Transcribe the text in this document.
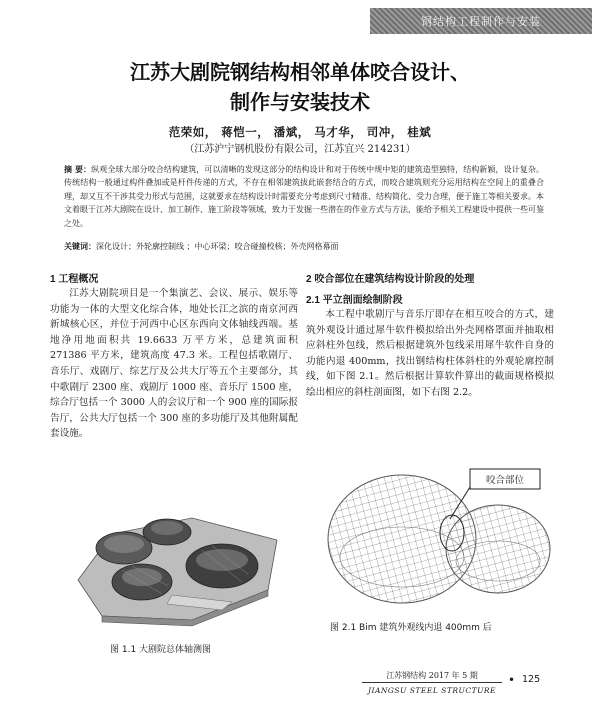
钢结构工程制作与安装
江苏大剧院钢结构相邻单体咬合设计、
制作与安装技术
范荣如， 蒋恺一， 潘斌， 马才华， 司冲， 桂斌
（江苏沪宁钢机股份有限公司，江苏宜兴 214231）
摘 要：纵观全球大部分咬合结构建筑，可以清晰的发现这部分的结构设计和对于传统中规中矩的建筑造型独特，结构新颖，设计复杂。传统结构一般通过构件叠加或是杆件传递的方式，不存在相邻建筑拔此嵌套结合的方式，而咬合建筑则充分运用结构在空间上的重叠合理，却又互不干涉其受力形式与范围，这就要求在结构设计时需要充分考虑到尺寸精准、结构简化、受力合理，便于施工等相关要求。本文着眼于江苏大剧院在设计、加工制作、施工阶段等领域，致力于发掘一些潜在的作业方式与方法，能给予相关工程建设中提供一些可鉴之处。
关键词：深化设计；外轮廓控制线 ；中心环梁；咬合碰撞校核；外壳网格幕面
1 工程概况

江苏大剧院项目是一个集演艺、会议、展示、娱乐等功能为一体的大型文化综合体，地处长江之滨的南京河西新城核心区，并位于河西中心区东西向文体轴线西端。基地净用地面积共 19.6633 万平方米，总建筑面积 271386 平方米，建筑高度 47.3 米。工程包括歌剧厅、音乐厅、戏剧厅、综艺厅及公共大厅等五个主要部分，其中歌剧厅 2300 座、戏剧厅 1000 座、音乐厅 1500 座，综合厅包括一个 3000 人的会议厅和一个 900 座的国际报告厅，公共大厅包括一个 300 座的多功能厅及其他附属配套设施。

图 1.1 大剧院总体轴测图
2 咬合部位在建筑结构设计阶段的处理
2.1 平立剖面绘制阶段

本工程中歌剧厅与音乐厅即存在相互咬合的方式，建筑外观设计通过犀牛软件模拟给出外壳网格罩面并抽取相应斜柱外包线，然后根据建筑外包线采用犀牛软件自身的功能内退 400mm，找出钢结构柱体斜柱的外观轮廓控制线，如下图 2.1。然后根据计算软件算出的截面规格模拟绘出相应的斜柱剖面图，如下右图 2.2。

咬合部位
图 2.1 Bim 建筑外观线内退 400mm 后
江苏钢结构 2017 年 5 期
JIANGSU STEEL STRUCTURE
• 125
